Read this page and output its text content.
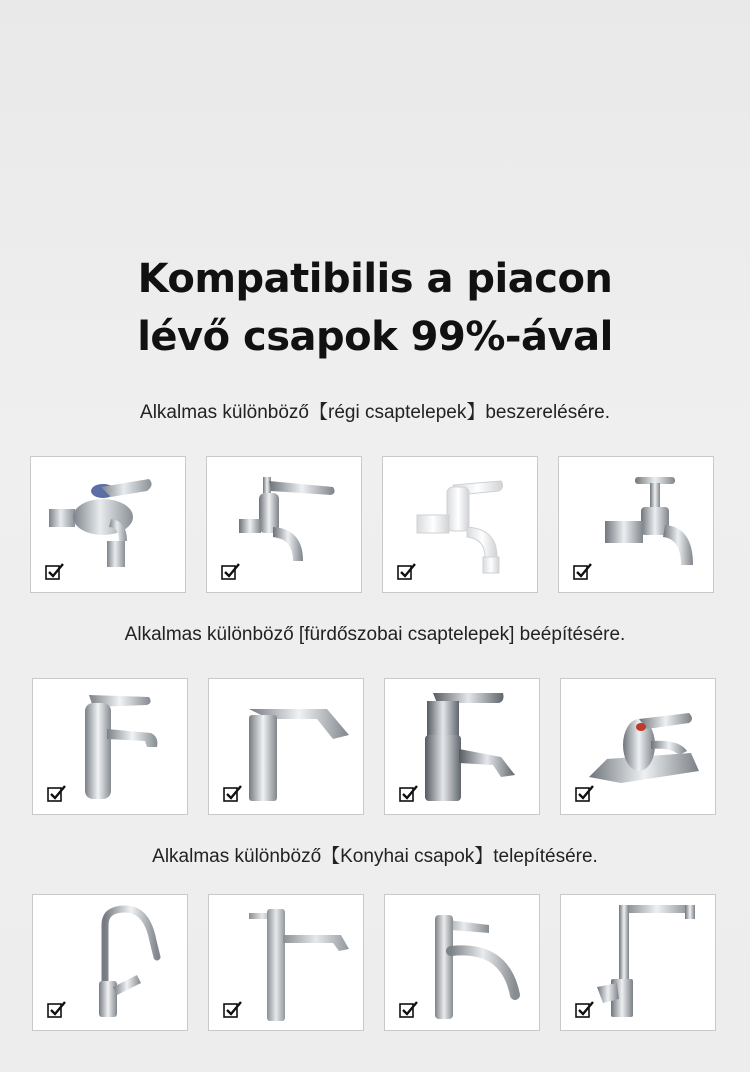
Kompatibilis a piacon
lévő csapok 99%-ával
Alkalmas különböző【régi csaptelepek】beszerelésére.
Alkalmas különböző [fürdőszobai csaptelepek] beépítésére.
Alkalmas különböző【Konyhai csapok】telepítésére.
